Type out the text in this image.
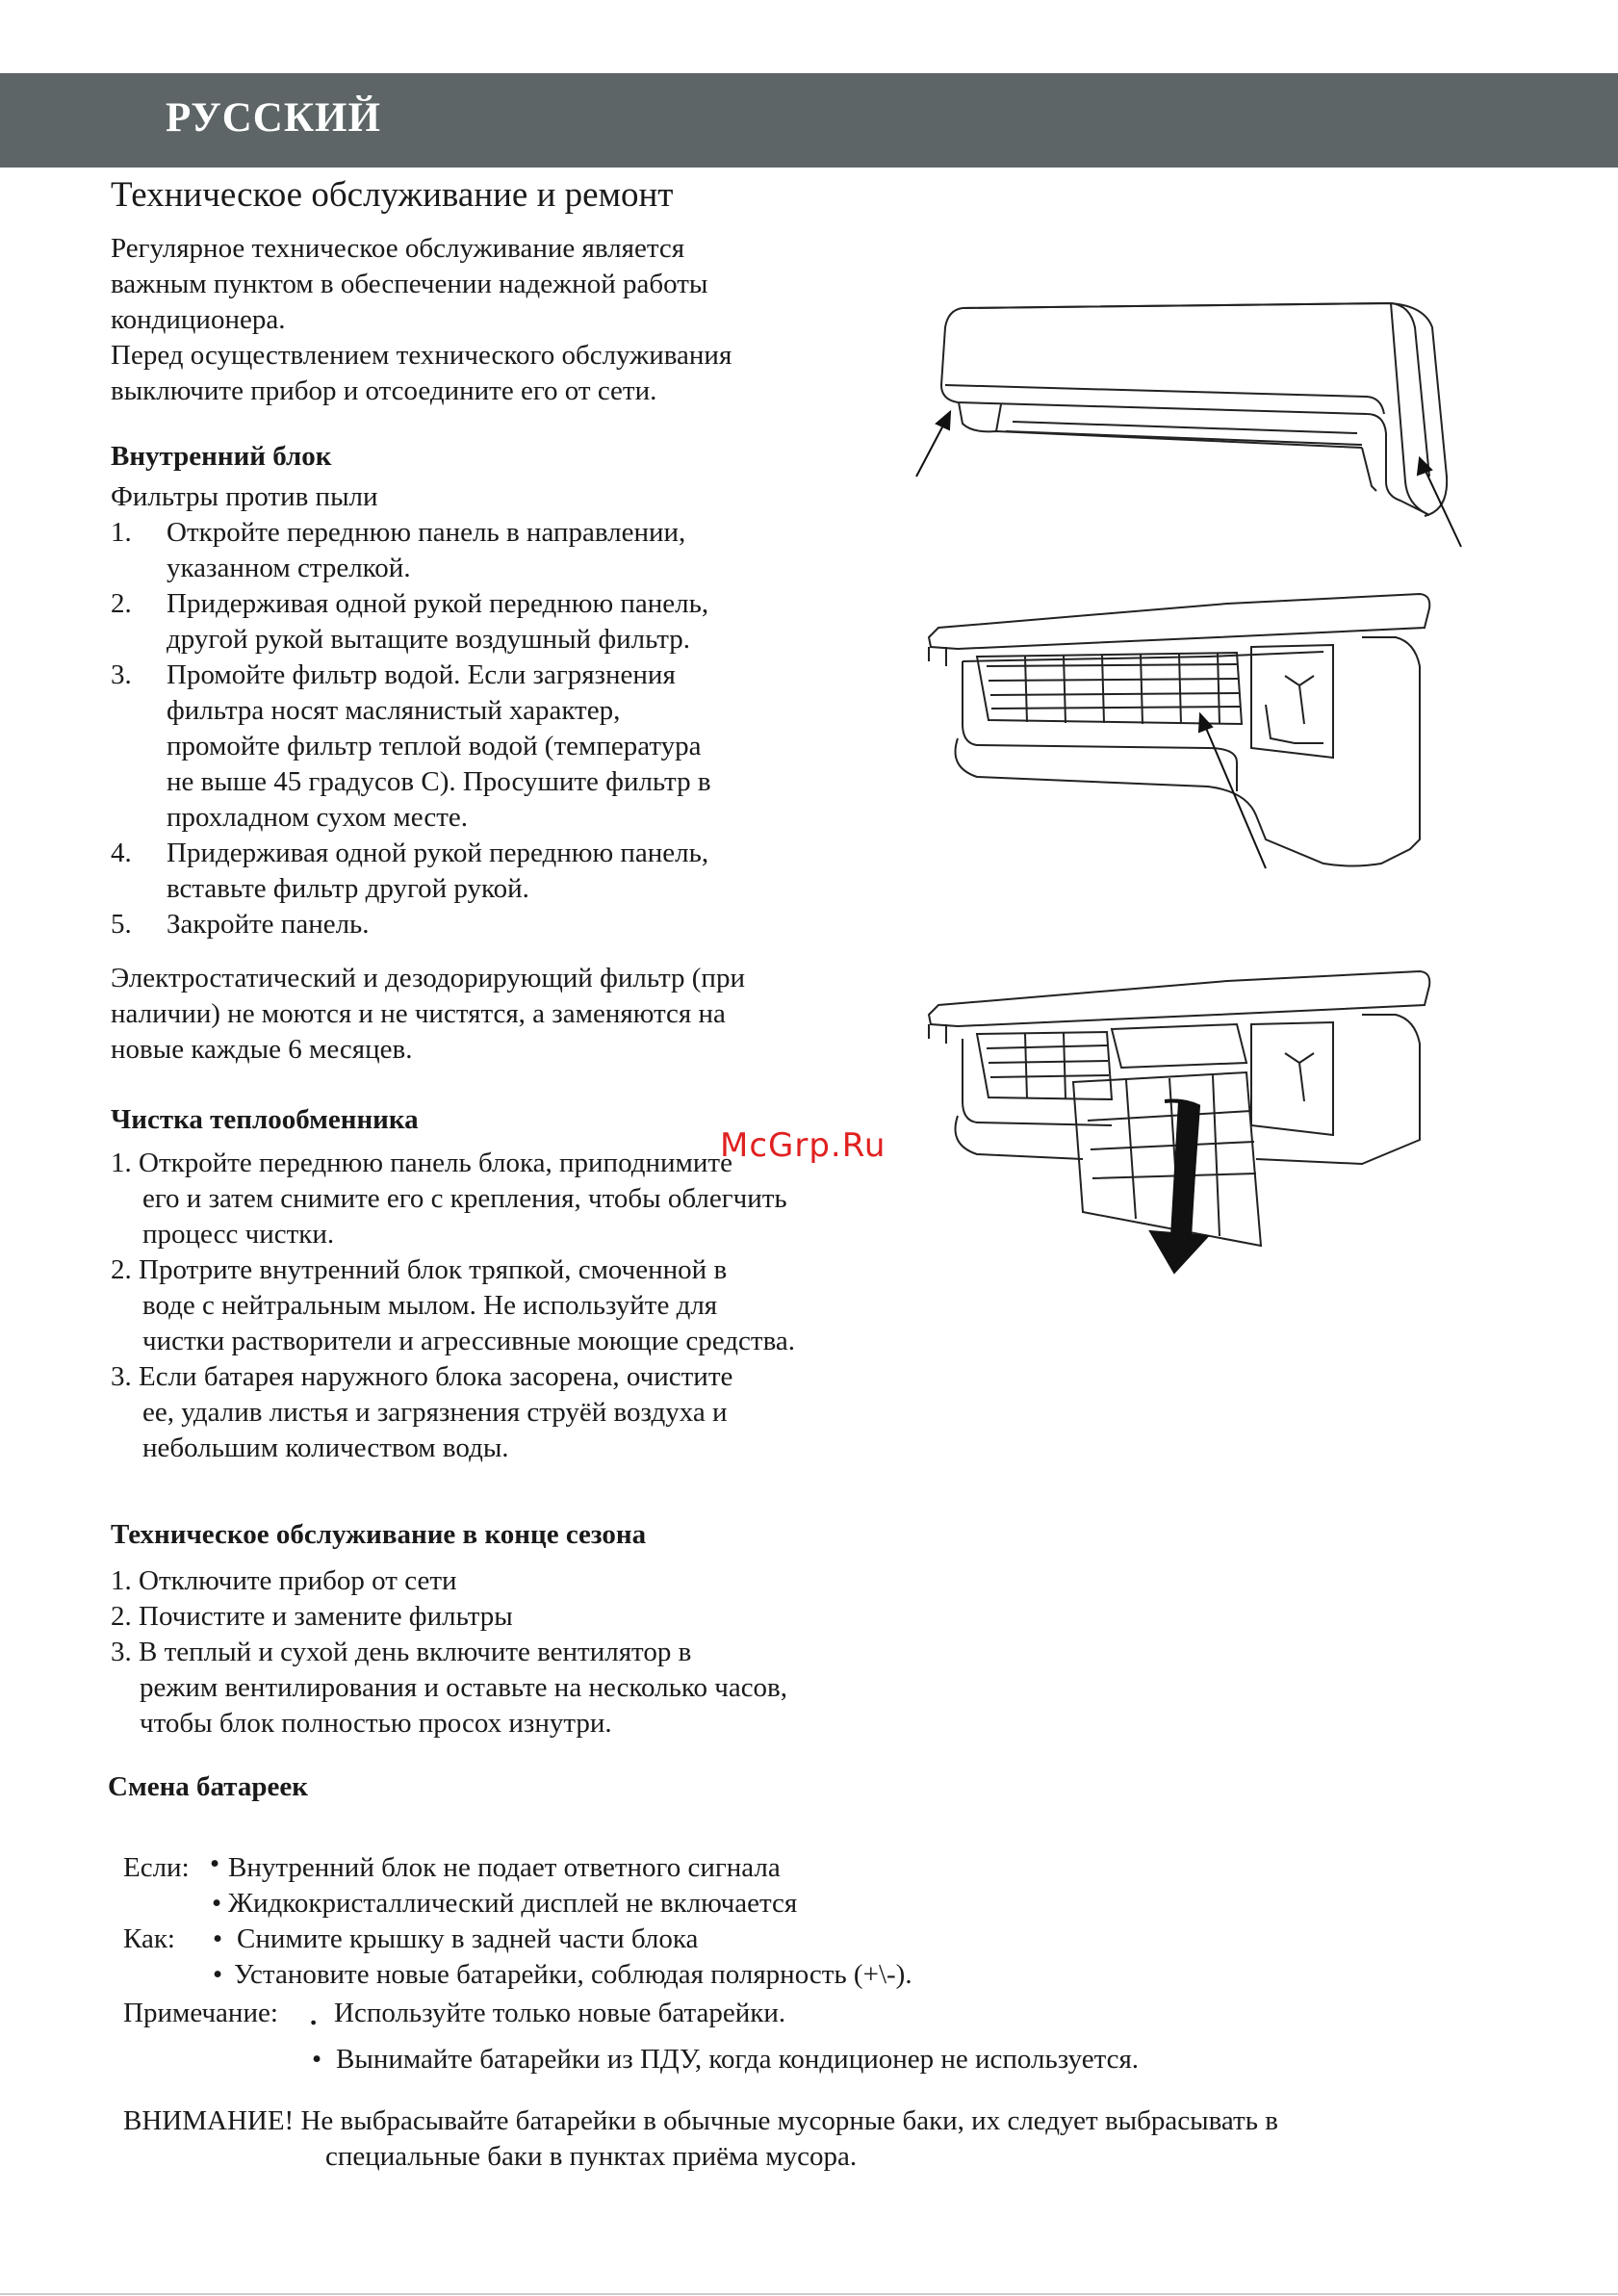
РУССКИЙ
Техническое обслуживание и ремонт
Регулярное техническое обслуживание является
важным пунктом в обеспечении надежной работы
кондиционера.
Перед осуществлением технического обслуживания
выключите прибор и отсоедините его от сети.
Внутренний блок
Фильтры против пыли
1. Откройте переднюю панель в направлении,
указанном стрелкой.
2. Придерживая одной рукой переднюю панель,
другой рукой вытащите воздушный фильтр.
3. Промойте фильтр водой. Если загрязнения
фильтра носят маслянистый характер,
промойте фильтр теплой водой (температура
не выше 45 градусов С). Просушите фильтр в
прохладном сухом месте.
4. Придерживая одной рукой переднюю панель,
вставьте фильтр другой рукой.
5. Закройте панель.
Электростатический и дезодорирующий фильтр (при
наличии) не моются и не чистятся, а заменяются на
новые каждые 6 месяцев.
Чистка теплообменника
1. Откройте переднюю панель блока, приподнимите
его и затем снимите его с крепления, чтобы облегчить
процесс чистки.
2. Протрите внутренний блок тряпкой, смоченной в
воде с нейтральным мылом. Не используйте для
чистки растворители и агрессивные моющие средства.
3. Если батарея наружного блока засорена, очистите
ее, удалив листья и загрязнения струёй воздуха и
небольшим количеством воды.
Техническое обслуживание в конце сезона
1. Отключите прибор от сети
2. Почистите и замените фильтры
3. В теплый и сухой день включите вентилятор в
режим вентилирования и оставьте на несколько часов,
чтобы блок полностью просох изнутри.
Смена батареек
Если: • Внутренний блок не подает ответного сигнала
• Жидкокристаллический дисплей не включается
Как: • Снимите крышку в задней части блока
• Установите новые батарейки, соблюдая полярность (+\-).
Примечание: . Используйте только новые батарейки.
• Вынимайте батарейки из ПДУ, когда кондиционер не используется.
ВНИМАНИЕ! Не выбрасывайте батарейки в обычные мусорные баки, их следует выбрасывать в
специальные баки в пунктах приёма мусора.
McGrp.Ru
